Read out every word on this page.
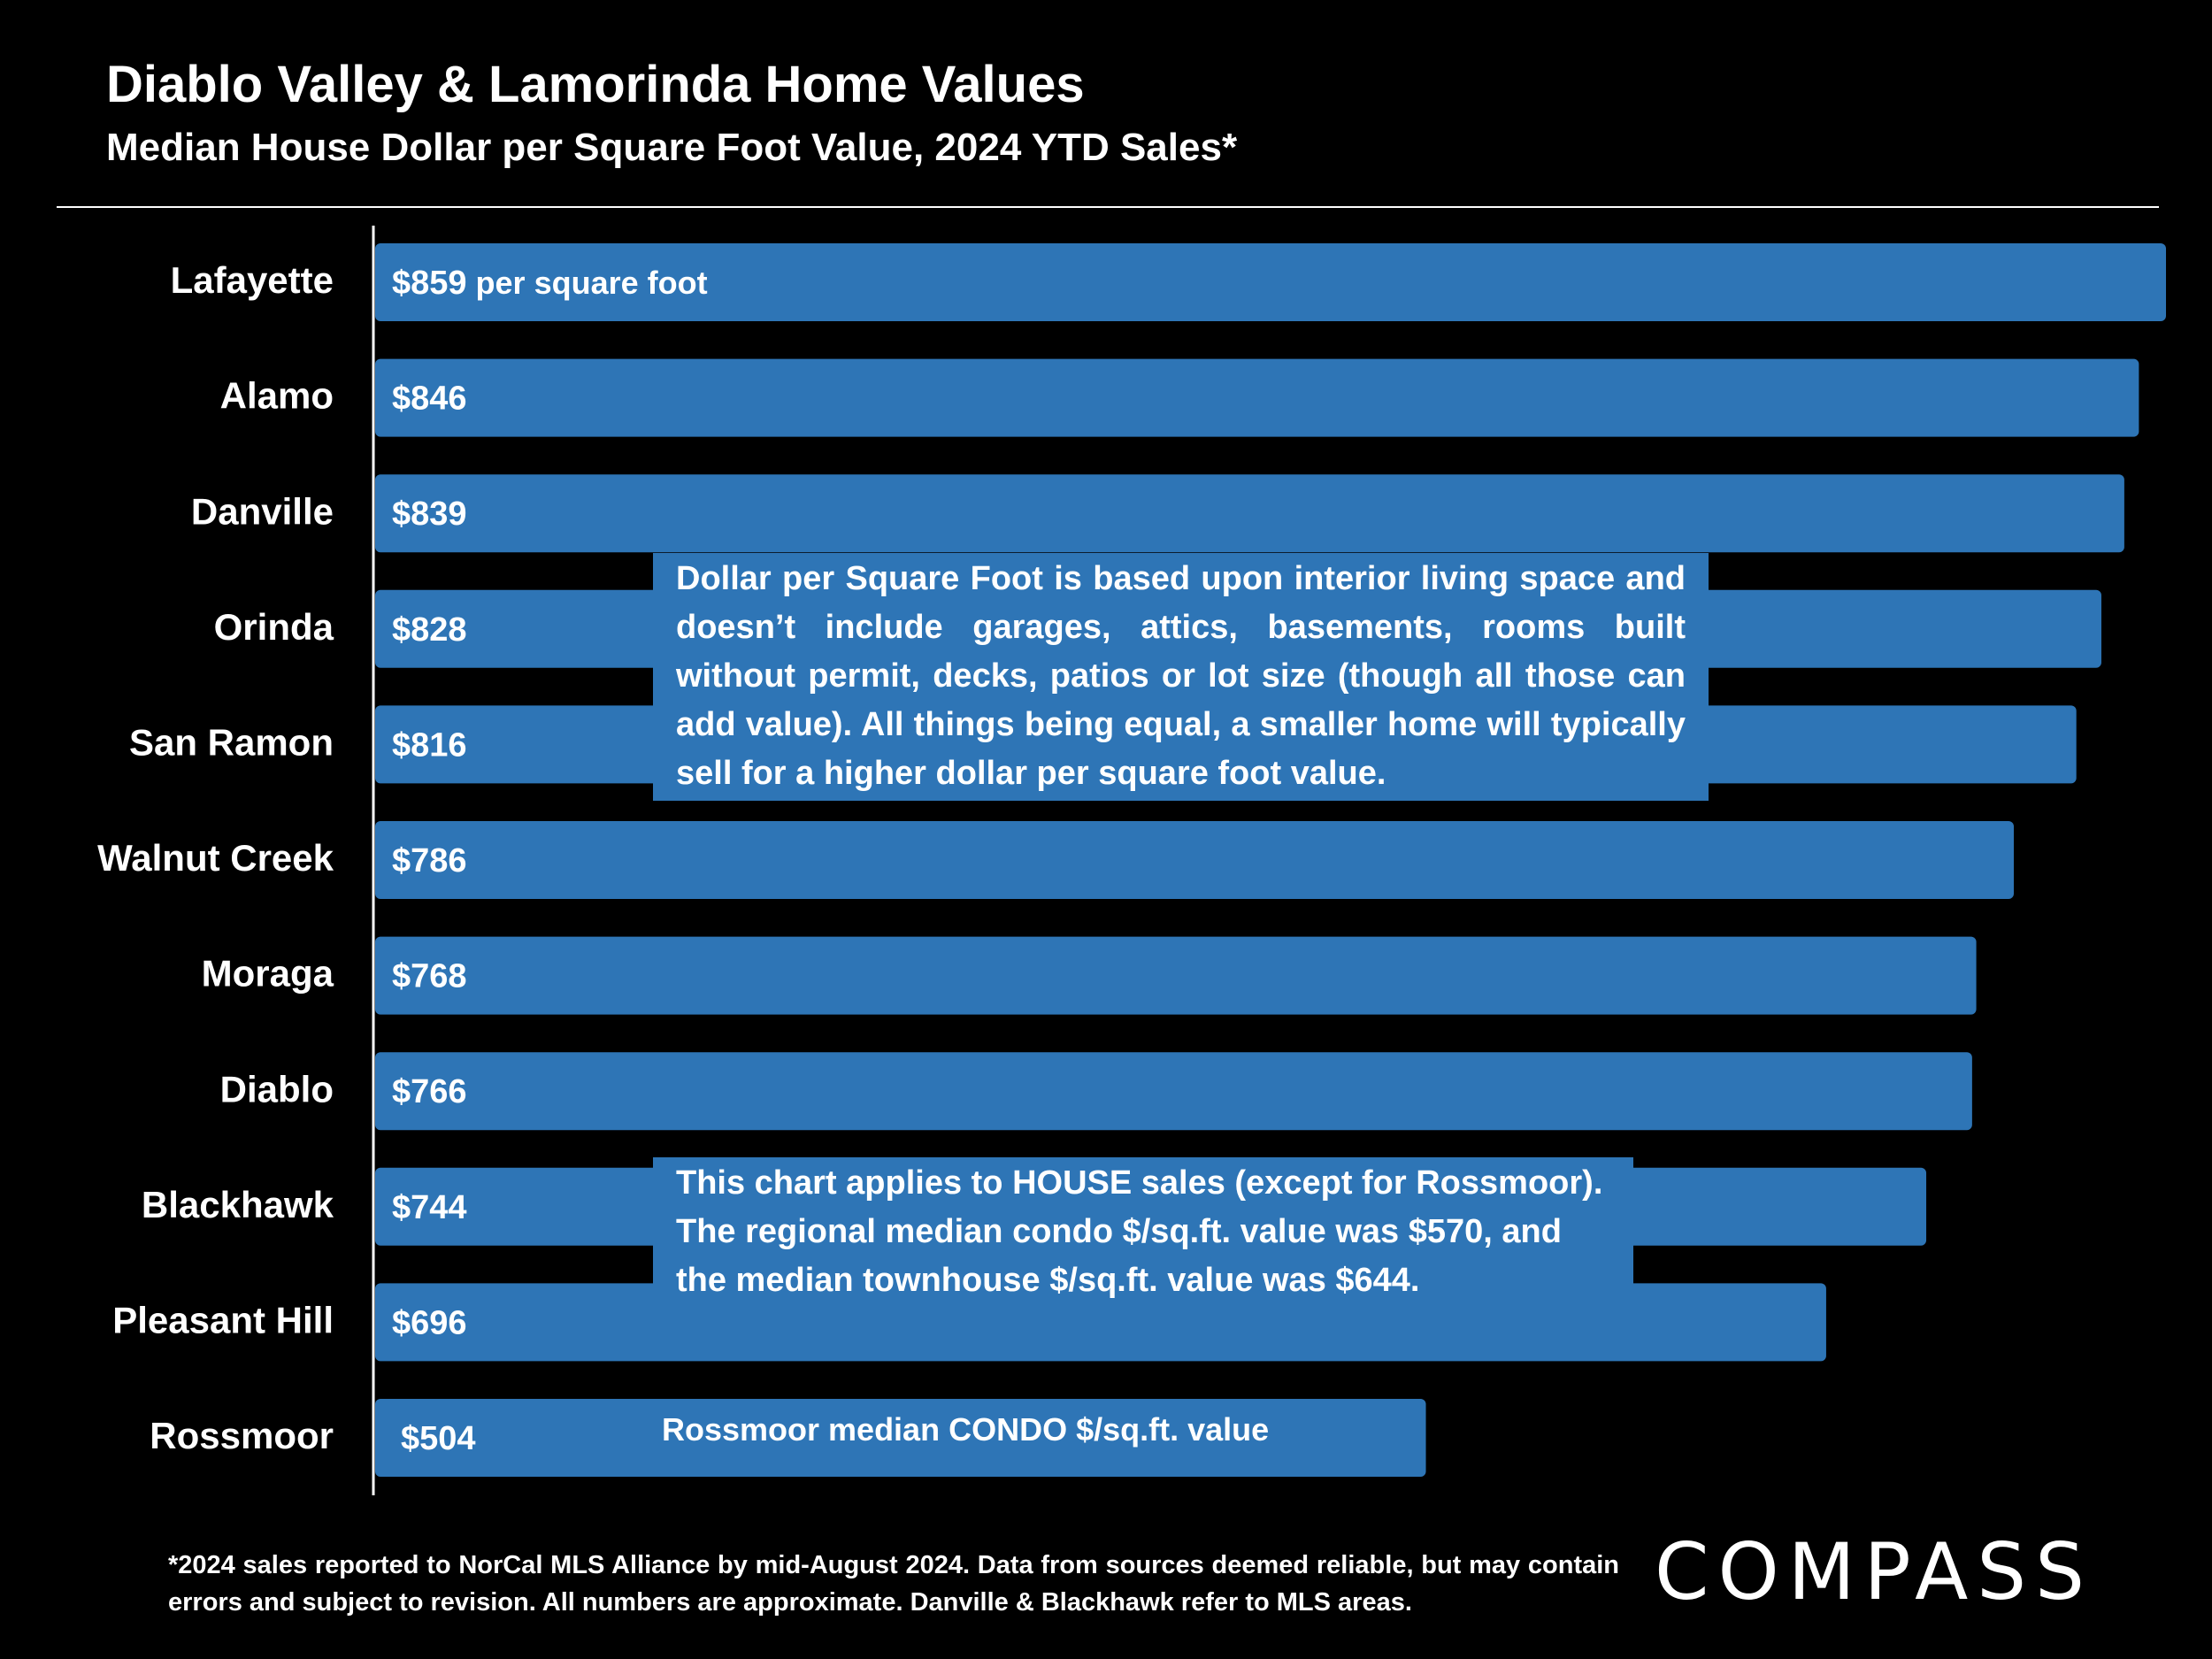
Diablo Valley & Lamorinda Home Values
Median House Dollar per Square Foot Value, 2024 YTD Sales*
Lafayette $859 per square foot
Alamo $846
Danville $839
Orinda $828
San Ramon $816
Walnut Creek $786
Moraga $768
Diablo $766
Blackhawk $744
Pleasant Hill $696
Rossmoor $504
Dollar per Square Foot is based upon interior living space and doesn’t include garages, attics, basements, rooms built without permit, decks, patios or lot size (though all those can add value). All things being equal, a smaller home will typically sell for a higher dollar per square foot value.
This chart applies to HOUSE sales (except for Rossmoor). The regional median condo $/sq.ft. value was $570, and the median townhouse $/sq.ft. value was $644.
Rossmoor median CONDO $/sq.ft. value
*2024 sales reported to NorCal MLS Alliance by mid-August 2024. Data from sources deemed reliable, but may contain errors and subject to revision. All numbers are approximate. Danville & Blackhawk refer to MLS areas.	COMPASS
